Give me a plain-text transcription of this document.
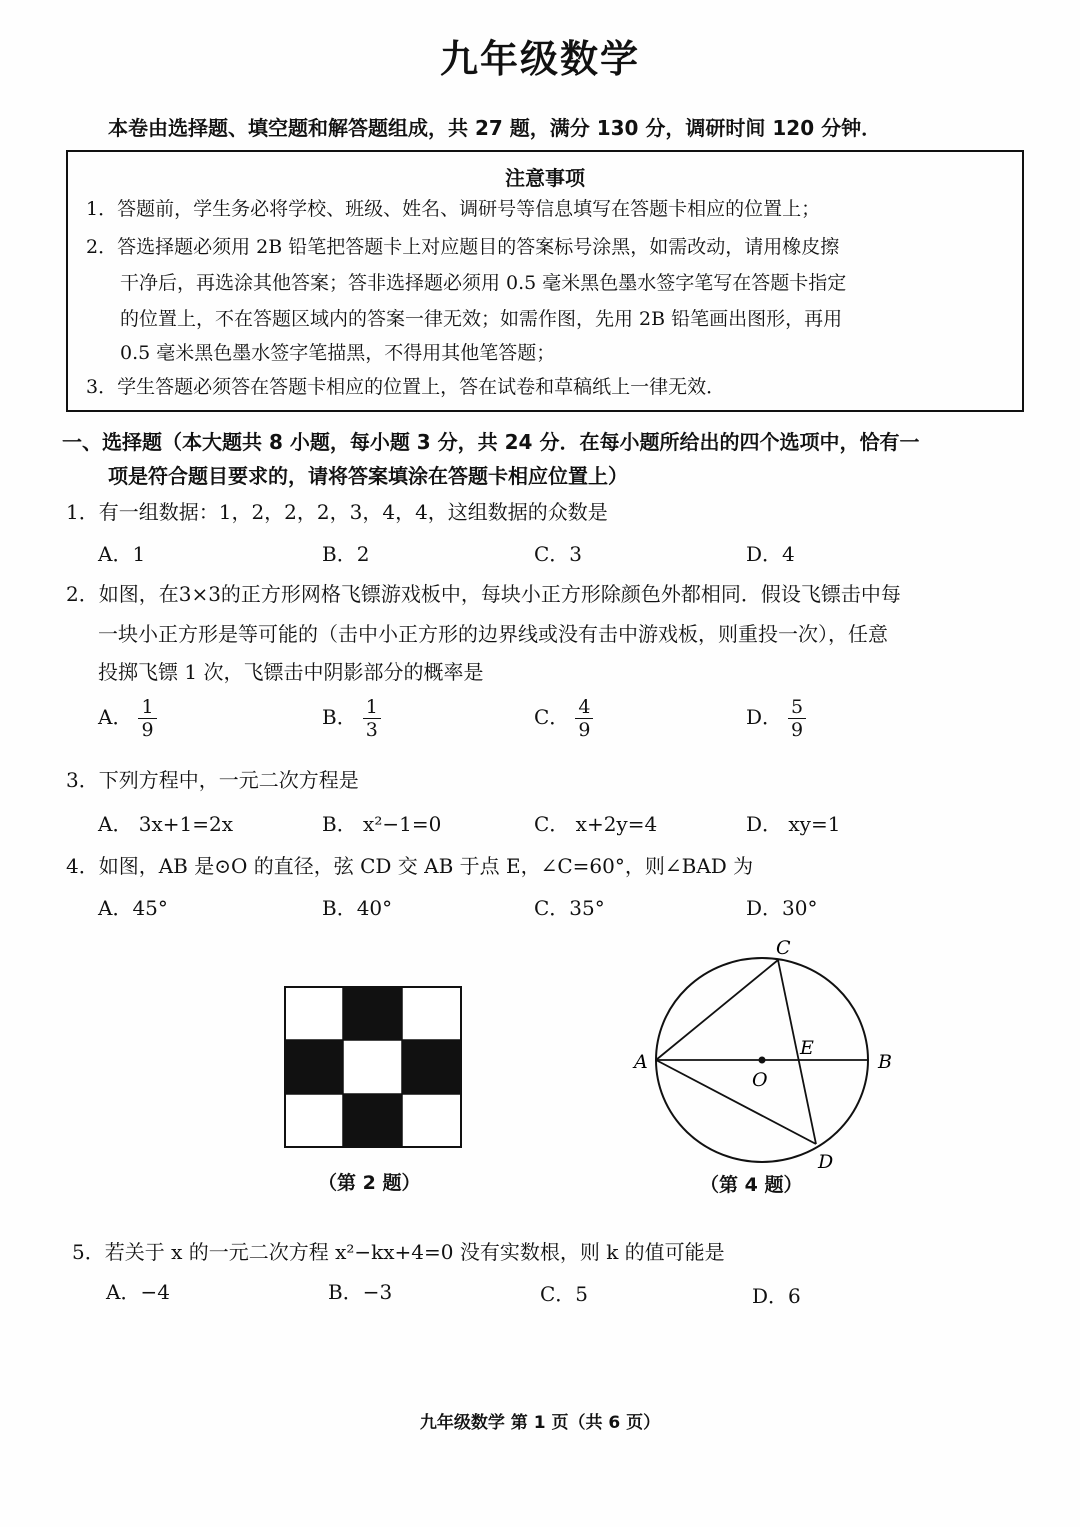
九年级数学
本卷由选择题、填空题和解答题组成，共 27 题，满分 130 分，调研时间 120 分钟．
注意事项
1．答题前，学生务必将学校、班级、姓名、调研号等信息填写在答题卡相应的位置上；
2．答选择题必须用 2B 铅笔把答题卡上对应题目的答案标号涂黑，如需改动，请用橡皮擦
干净后，再选涂其他答案；答非选择题必须用 0.5 毫米黑色墨水签字笔写在答题卡指定
的位置上，不在答题区域内的答案一律无效；如需作图，先用 2B 铅笔画出图形，再用
0.5 毫米黑色墨水签字笔描黑，不得用其他笔答题；
3．学生答题必须答在答题卡相应的位置上，答在试卷和草稿纸上一律无效．
一、选择题（本大题共 8 小题，每小题 3 分，共 24 分．在每小题所给出的四个选项中，恰有一
项是符合题目要求的，请将答案填涂在答题卡相应位置上）
1．有一组数据：1，2，2，2，3，4，4，这组数据的众数是
A．1	B．2	C．3	D．4
2．如图，在3×3的正方形网格飞镖游戏板中，每块小正方形除颜色外都相同．假设飞镖击中每
一块小正方形是等可能的（击中小正方形的边界线或没有击中游戏板，则重投一次），任意
投掷飞镖 1 次，飞镖击中阴影部分的概率是
A． $\frac{1}{9}$	B． $\frac{1}{3}$	C． $\frac{4}{9}$	D． $\frac{5}{9}$
3．下列方程中，一元二次方程是
A． 3x+1=2x	B． x²−1=0	C． x+2y=4	D． xy=1
4．如图，AB 是⊙O 的直径，弦 CD 交 AB 于点 E，∠C=60°，则∠BAD 为
A．45°	B．40°	C．35°	D．30°
（第 2 题）
A	B
C
D
E
O
（第 4 题）
5．若关于 x 的一元二次方程 x²−kx+4=0 没有实数根，则 k 的值可能是
A．−4	B．−3	C．5	D．6
九年级数学 第 1 页（共 6 页）
